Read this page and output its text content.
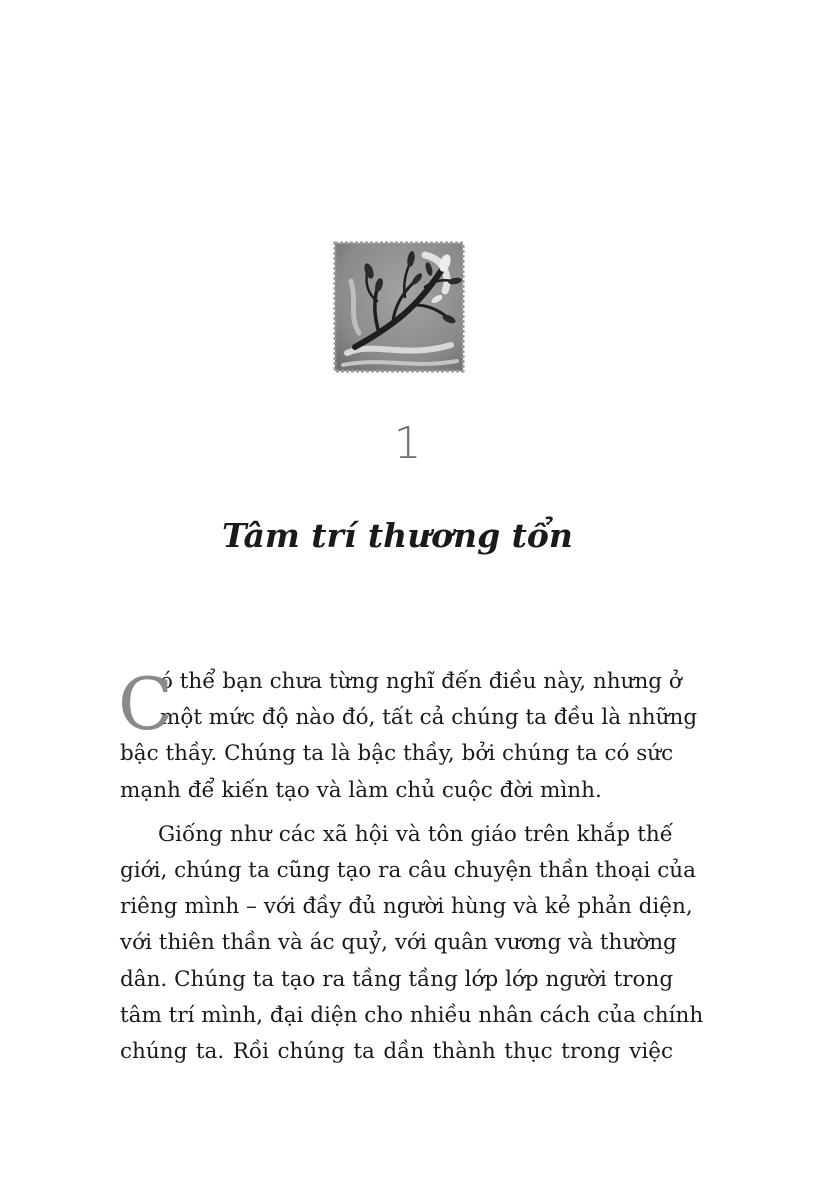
1
Tâm trí thương tổn
C
ó thể bạn chưa từng nghĩ đến điều này, nhưng ở
một mức độ nào đó, tất cả chúng ta đều là những
bậc thầy. Chúng ta là bậc thầy, bởi chúng ta có sức
mạnh để kiến tạo và làm chủ cuộc đời mình.
Giống như các xã hội và tôn giáo trên khắp thế
giới, chúng ta cũng tạo ra câu chuyện thần thoại của
riêng mình – với đầy đủ người hùng và kẻ phản diện,
với thiên thần và ác quỷ, với quân vương và thường
dân. Chúng ta tạo ra tầng tầng lớp lớp người trong
tâm trí mình, đại diện cho nhiều nhân cách của chính
chúng ta. Rồi chúng ta dần thành thục trong việc
